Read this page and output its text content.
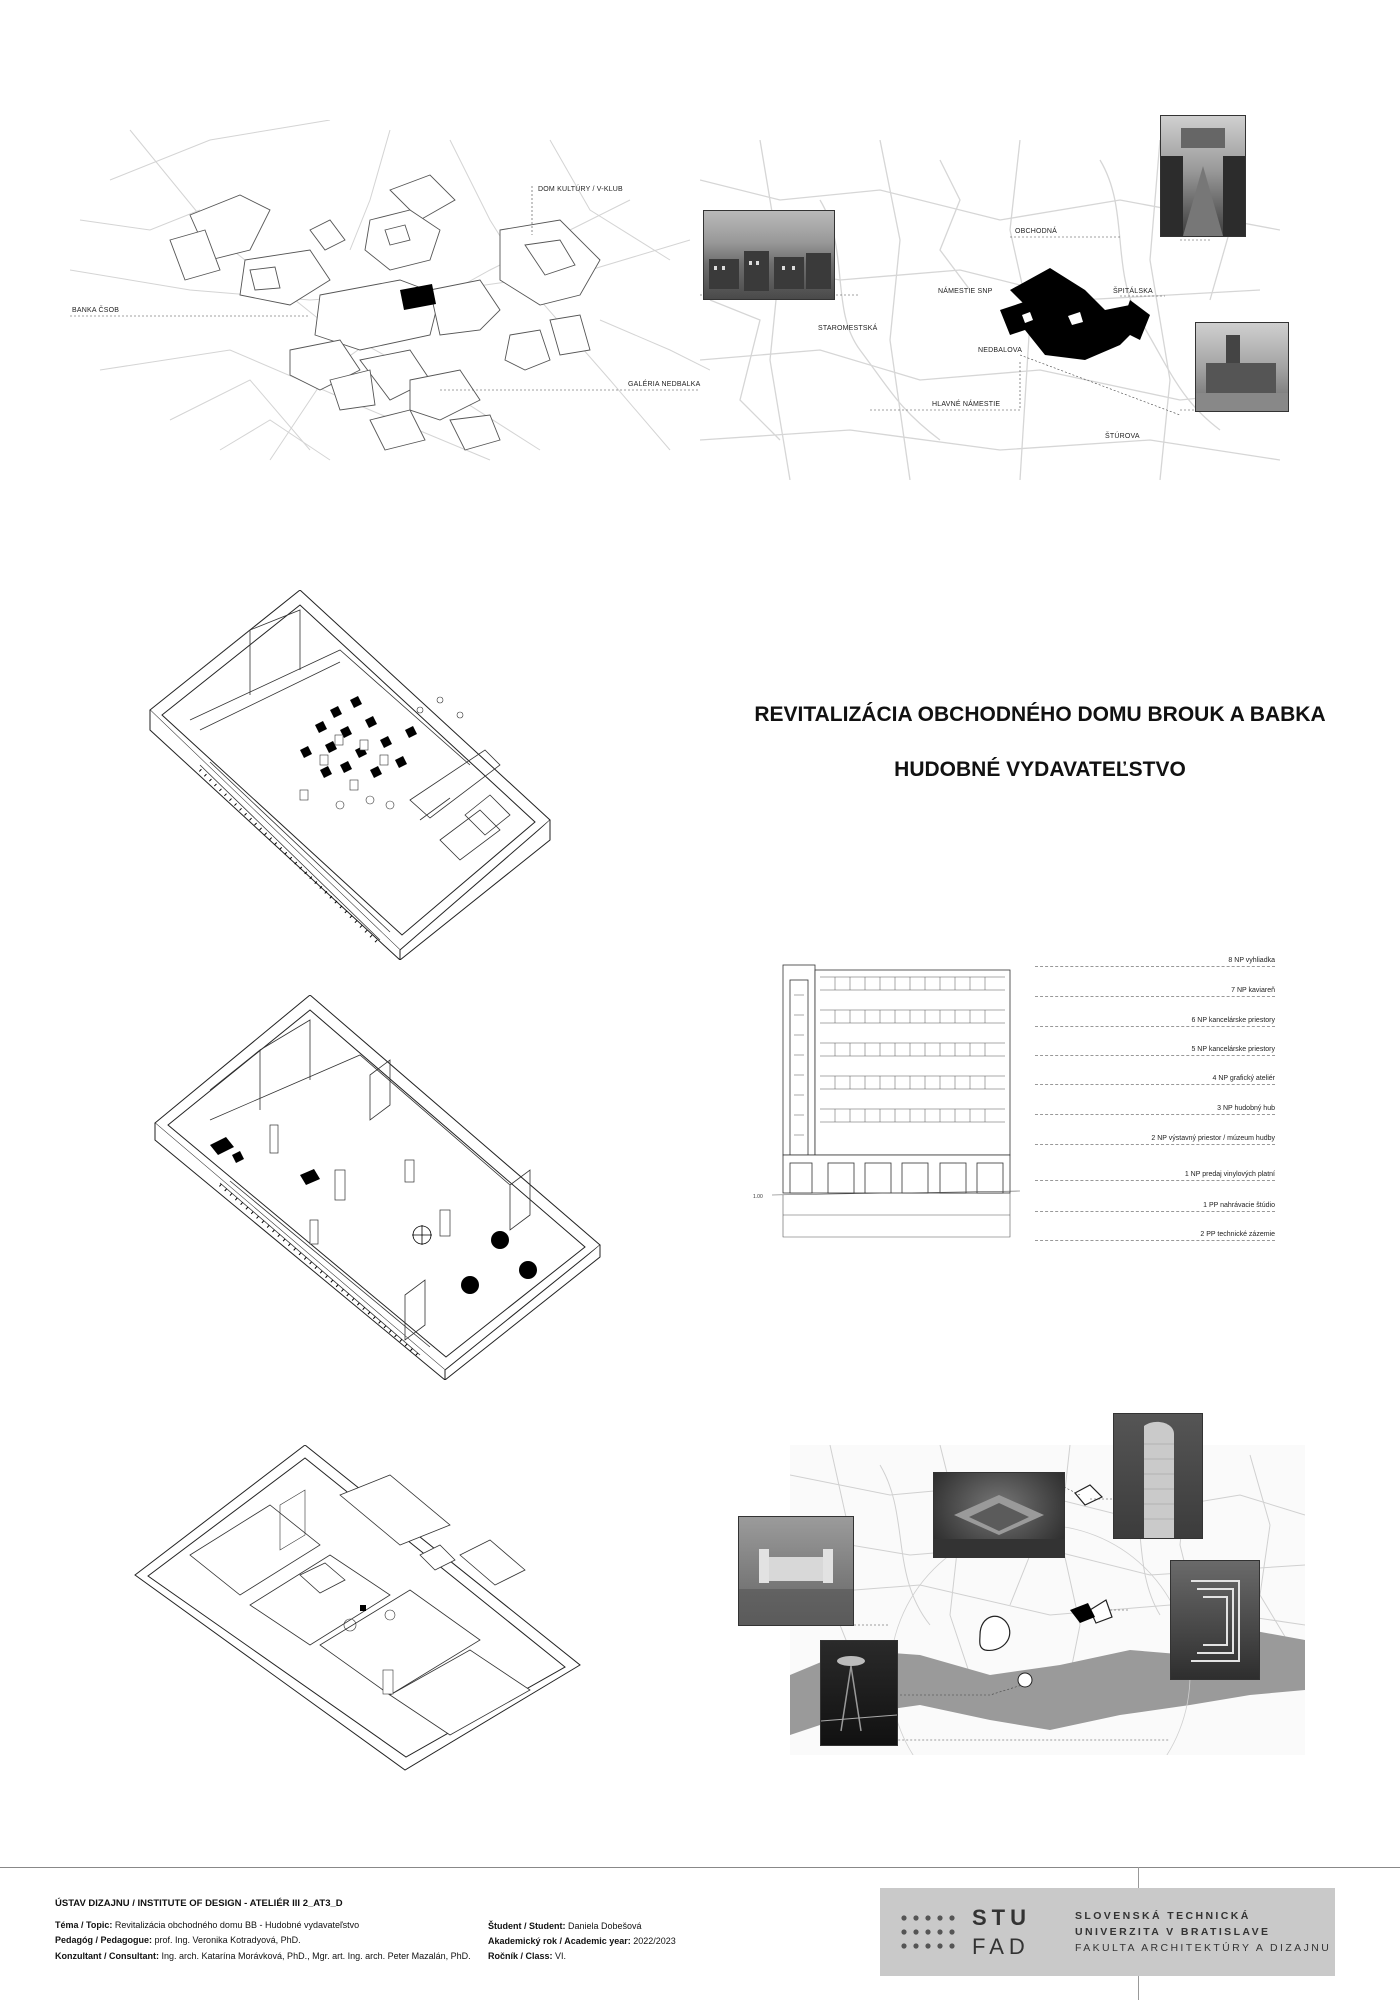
DOM KULTÚRY / V-KLUB
BANKA ČSOB
GALÉRIA NEDBALKA
OBCHODNÁ
NÁMESTIE SNP	ŠPITÁLSKA
STAROMESTSKÁ
NEDBALOVA
HLAVNÉ NÁMESTIE
ŠTÚROVA
REVITALIZÁCIA OBCHODNÉHO DOMU BROUK A BABKA
HUDOBNÉ VYDAVATEĽSTVO
1.00
8 NP vyhliadka
7 NP kaviareň
6 NP kancelárske priestory
5 NP kancelárske priestory
4 NP grafický ateliér
3 NP hudobný hub
2 NP výstavný priestor / múzeum hudby
1 NP predaj vinylových platní
1 PP nahrávacie štúdio
2 PP technické zázemie
ÚSTAV DIZAJNU / INSTITUTE OF DESIGN - ATELIÉR III 2_AT3_D
Téma / Topic: Revitalizácia obchodného domu BB - Hudobné vydavateľstvo
Pedagóg / Pedagogue: prof. Ing. Veronika Kotradyová, PhD.
Konzultant / Consultant: Ing. arch. Katarína Morávková, PhD., Mgr. art. Ing. arch. Peter Mazalán, PhD.
Študent / Student: Daniela Dobešová
Akademický rok / Academic year: 2022/2023
Ročník / Class: VI.
STU
FAD
SLOVENSKÁ TECHNICKÁ
UNIVERZITA V BRATISLAVE
FAKULTA ARCHITEKTÚRY A DIZAJNU
